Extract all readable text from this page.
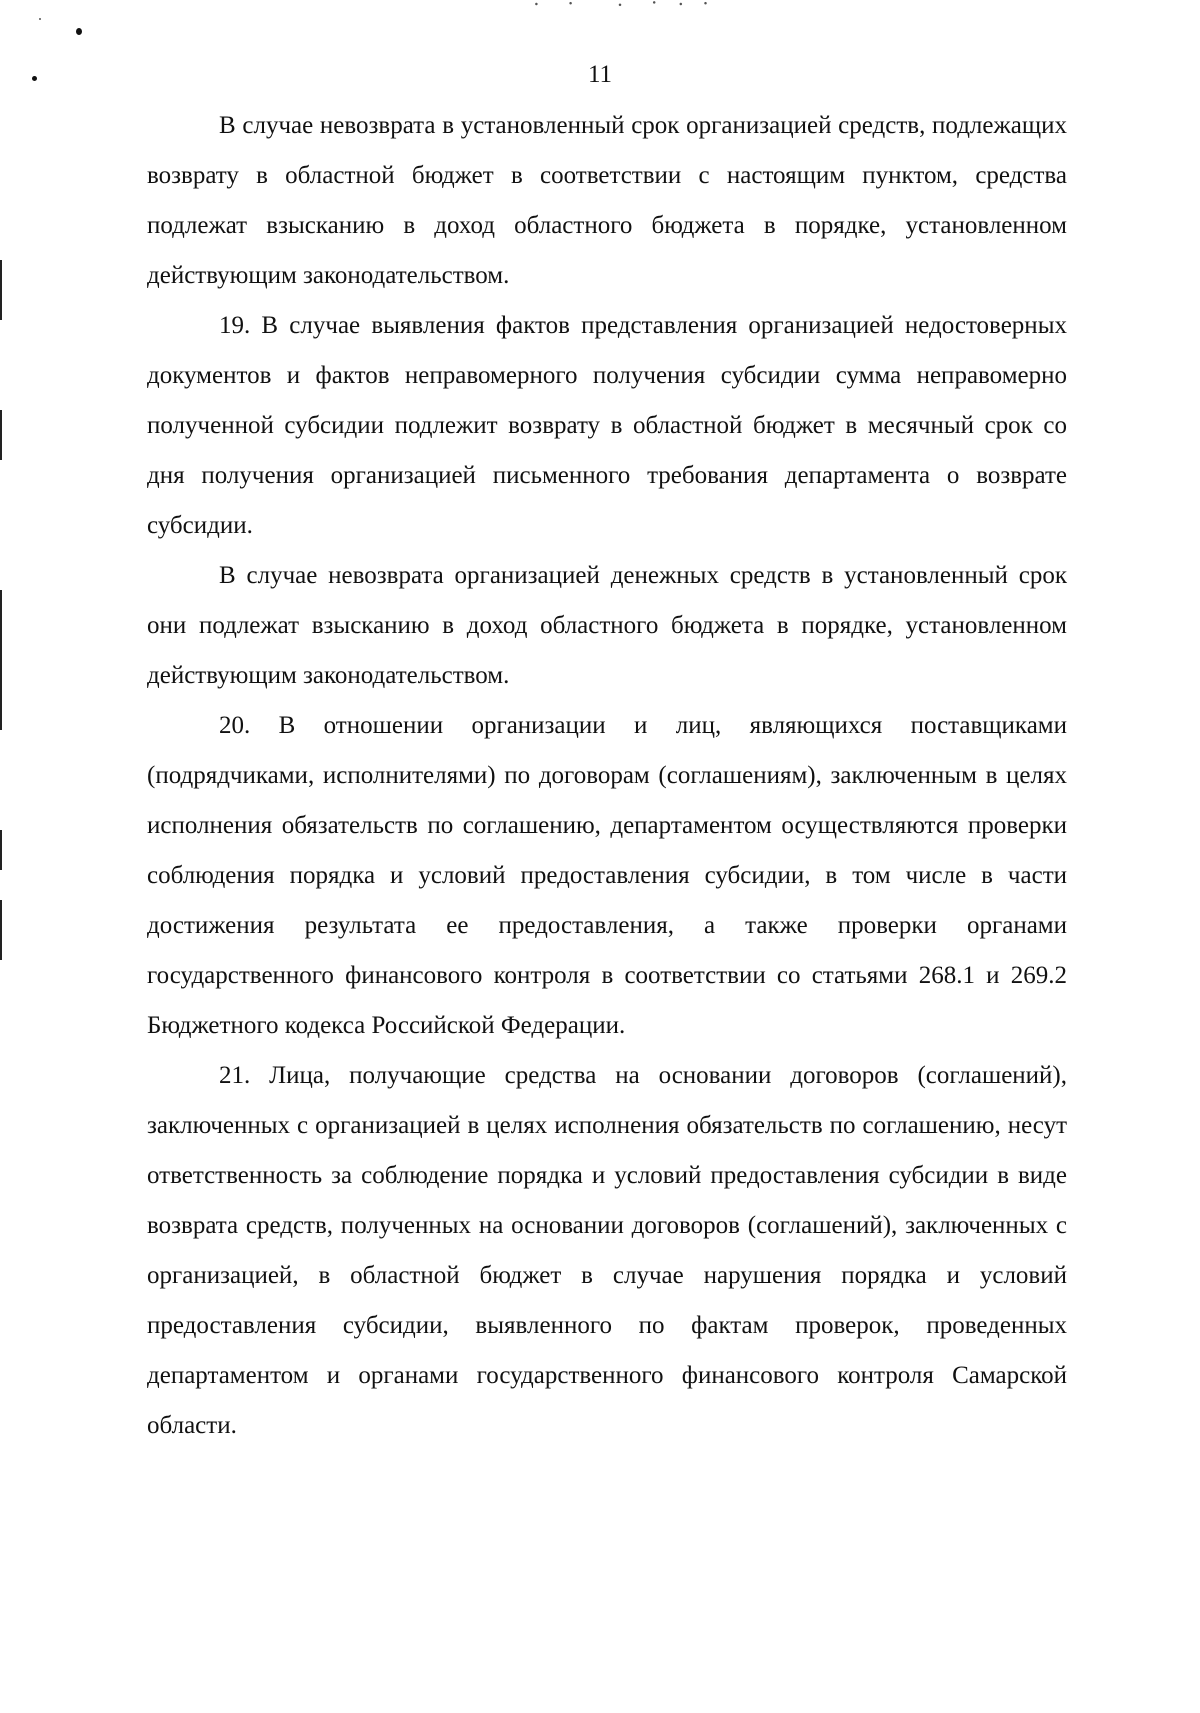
11

В случае невозврата в установленный срок организацией средств, подлежащих возврату в областной бюджет в соответствии с настоящим пунктом, средства подлежат взысканию в доход областного бюджета в порядке, установленном действующим законодательством.

19. В случае выявления фактов представления организацией недостоверных документов и фактов неправомерного получения субсидии сумма неправомерно полученной субсидии подлежит возврату в областной бюджет в месячный срок со дня получения организацией письменного требования департамента о возврате субсидии.

В случае невозврата организацией денежных средств в установленный срок они подлежат взысканию в доход областного бюджета в порядке, установленном действующим законодательством.

20. В отношении организации и лиц, являющихся поставщиками (подрядчиками, исполнителями) по договорам (соглашениям), заключенным в целях исполнения обязательств по соглашению, департаментом осуществляются проверки соблюдения порядка и условий предоставления субсидии, в том числе в части достижения результата ее предоставления, а также проверки органами государственного финансового контроля в соответствии со статьями 268.1 и 269.2 Бюджетного кодекса Российской Федерации.

21. Лица, получающие средства на основании договоров (соглашений), заключенных с организацией в целях исполнения обязательств по соглашению, несут ответственность за соблюдение порядка и условий предоставления субсидии в виде возврата средств, полученных на основании договоров (соглашений), заключенных с организацией, в областной бюджет в случае нарушения порядка и условий предоставления субсидии, выявленного по фактам проверок, проведенных департаментом и органами государственного финансового контроля Самарской области.
